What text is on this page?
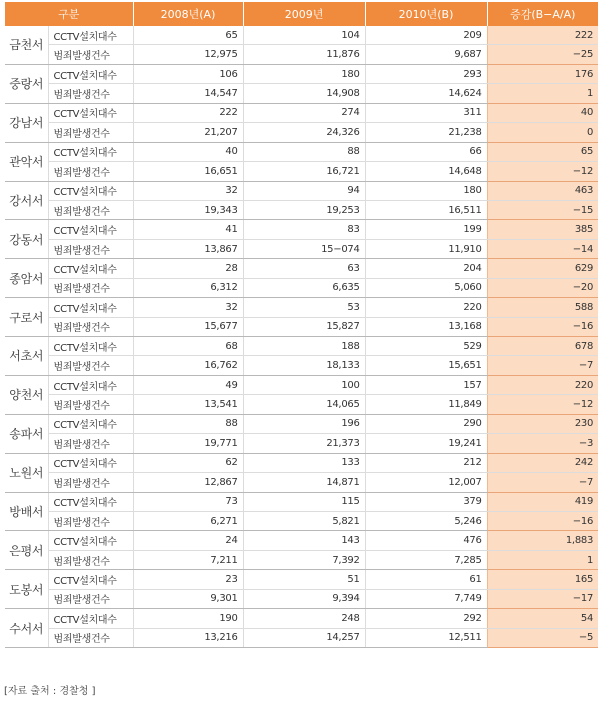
구분		2008년(A)	2009년	2010년(B)	증감(B−A/A)
금천서	CCTV설치대수	65	104	209	222
	범죄발생건수	12,975	11,876	9,687	−25
중랑서	CCTV설치대수	106	180	293	176
	범죄발생건수	14,547	14,908	14,624	1
강남서	CCTV설치대수	222	274	311	40
	범죄발생건수	21,207	24,326	21,238	0
관악서	CCTV설치대수	40	88	66	65
	범죄발생건수	16,651	16,721	14,648	−12
강서서	CCTV설치대수	32	94	180	463
	범죄발생건수	19,343	19,253	16,511	−15
강동서	CCTV설치대수	41	83	199	385
	범죄발생건수	13,867	15−074	11,910	−14
종암서	CCTV설치대수	28	63	204	629
	범죄발생건수	6,312	6,635	5,060	−20
구로서	CCTV설치대수	32	53	220	588
	범죄발생건수	15,677	15,827	13,168	−16
서초서	CCTV설치대수	68	188	529	678
	범죄발생건수	16,762	18,133	15,651	−7
양천서	CCTV설치대수	49	100	157	220
	범죄발생건수	13,541	14,065	11,849	−12
송파서	CCTV설치대수	88	196	290	230
	범죄발생건수	19,771	21,373	19,241	−3
노원서	CCTV설치대수	62	133	212	242
	범죄발생건수	12,867	14,871	12,007	−7
방배서	CCTV설치대수	73	115	379	419
	범죄발생건수	6,271	5,821	5,246	−16
은평서	CCTV설치대수	24	143	476	1,883
	범죄발생건수	7,211	7,392	7,285	1
도봉서	CCTV설치대수	23	51	61	165
	범죄발생건수	9,301	9,394	7,749	−17
수서서	CCTV설치대수	190	248	292	54
	범죄발생건수	13,216	14,257	12,511	−5
[자료 출처 : 경찰청 ]
